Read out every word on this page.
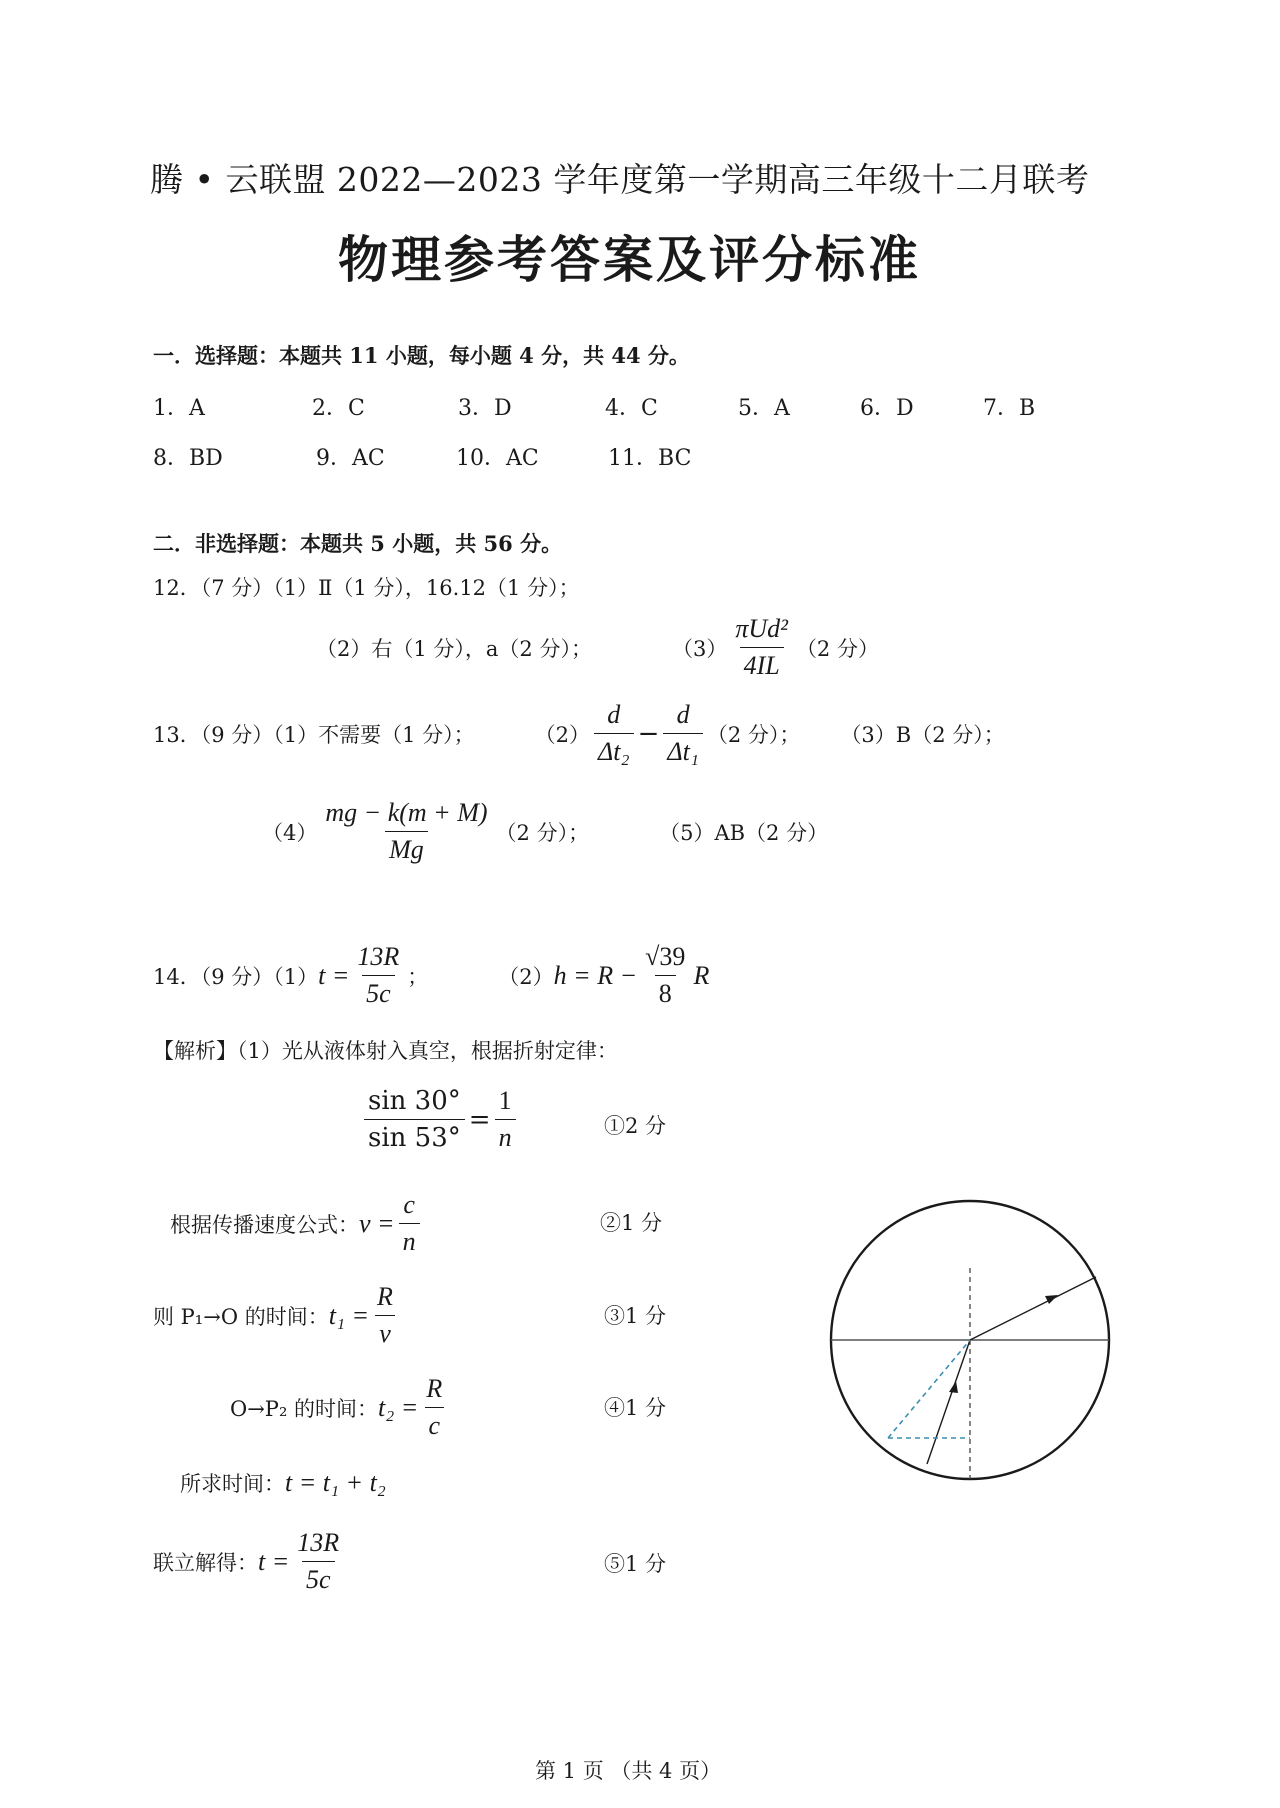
腾 • 云联盟 2022—2023 学年度第一学期高三年级十二月联考
物理参考答案及评分标准
一．选择题：本题共 11 小题，每小题 4 分，共 44 分。
1．A	2．C	3．D	4．C	5．A	6．D	7．B
8．BD	9．AC	10．AC	11．BC
二．非选择题：本题共 5 小题，共 56 分。
12．（7 分）（1）Ⅱ（1 分），16.12（1 分）；
（2）右（1 分），a（2 分）；	$(3) \frac{\text{πUd²}}{4IL} (2$ 分）
13．（9 分）（1）不需要（1 分）；	$(2) \frac{d}{\text{Δt₂}} - \frac{d}{\text{Δt₁}} (2$ 分）； （3）B（2 分）；
$(4) \frac{mg - k(m + M)}{Mg} (2$ 分）；	（5）AB（2 分）
14．（9 分）（1） $t = \frac{13R}{5c}$ ；	（2） $h = R - \frac{√39}{8}$ R
【解析】（1）光从液体射入真空，根据折射定律：
$\frac{\sin 30^\circ}{\sin 53^\circ} = \frac{1}{n}$	①2 分
根据传播速度公式： $v = \frac{c}{n}$	②1 分
则 P₁→O 的时间： $t_1 = \frac{R}{v}$	③1 分
O→P₂ 的时间： $t_2 = \frac{R}{c}$	④1 分
所求时间： t = t₁ + t₂
联立解得： $t = \frac{13R}{5c}$	⑤1 分
第 1 页 （共 4 页）
